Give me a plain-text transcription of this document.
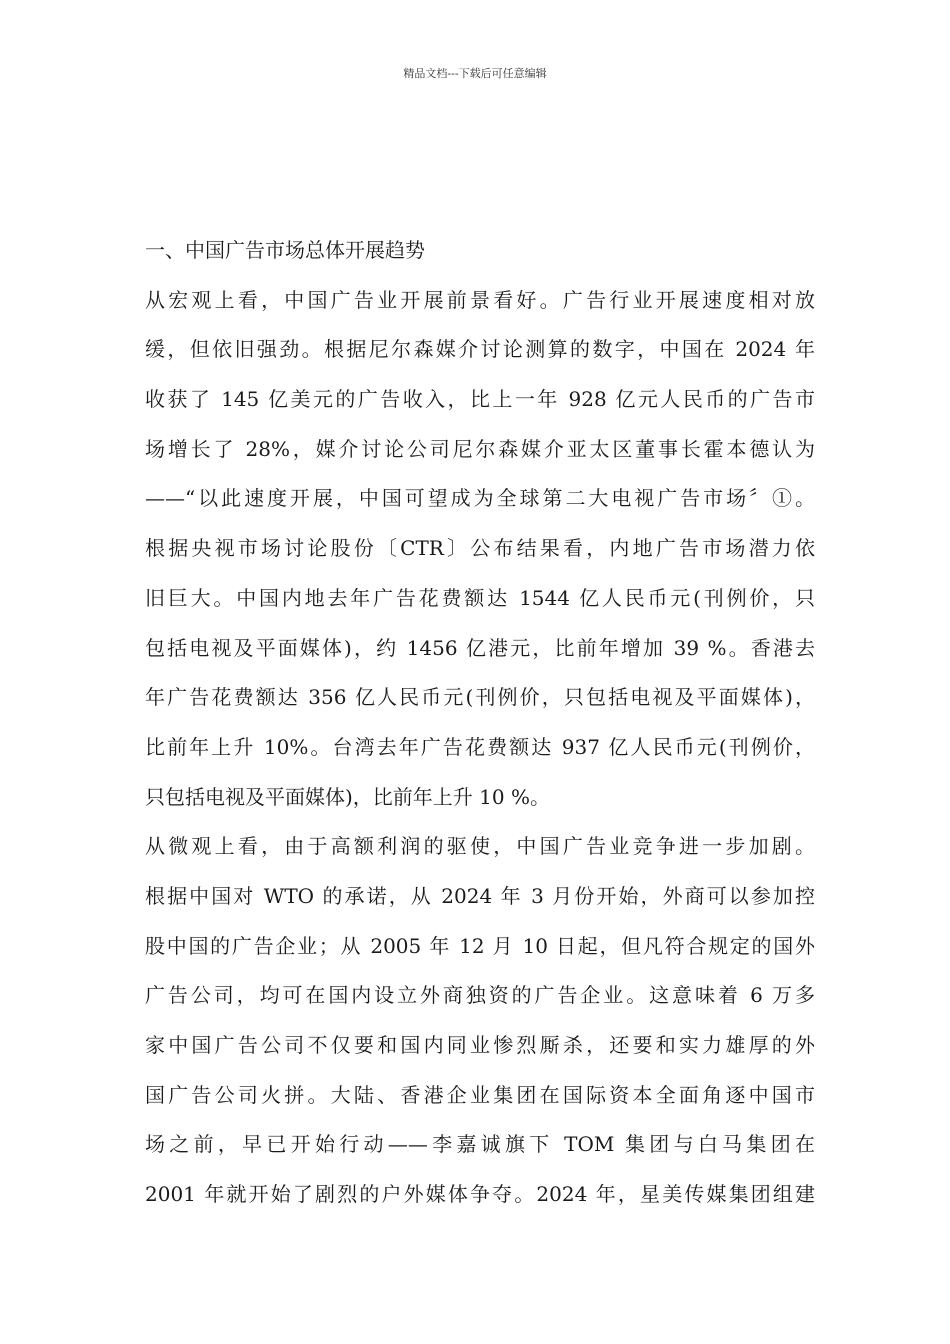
精品文档---下载后可任意编辑
一、中国广告市场总体开展趋势
从宏观上看，中国广告业开展前景看好。广告行业开展速度相对放
缓，但依旧强劲。根据尼尔森媒介讨论测算的数字，中国在 2024 年
收获了 145 亿美元的广告收入，比上一年 928 亿元人民币的广告市
场增长了 28%，媒介讨论公司尼尔森媒介亚太区董事长霍本德认为
——“以此速度开展，中国可望成为全球第二大电视广告市场〞①。
根据央视市场讨论股份〔CTR〕公布结果看，内地广告市场潜力依
旧巨大。中国内地去年广告花费额达 1544 亿人民币元(刊例价，只
包括电视及平面媒体)，约 1456 亿港元，比前年增加 39 %。香港去
年广告花费额达 356 亿人民币元(刊例价，只包括电视及平面媒体)，
比前年上升 10%。台湾去年广告花费额达 937 亿人民币元(刊例价，
只包括电视及平面媒体)，比前年上升 10 %。
从微观上看，由于高额利润的驱使，中国广告业竞争进一步加剧。
根据中国对 WTO 的承诺，从 2024 年 3 月份开始，外商可以参加控
股中国的广告企业；从 2005 年 12 月 10 日起，但凡符合规定的国外
广告公司，均可在国内设立外商独资的广告企业。这意味着 6 万多
家中国广告公司不仅要和国内同业惨烈厮杀，还要和实力雄厚的外
国广告公司火拼。大陆、香港企业集团在国际资本全面角逐中国市
场之前，早已开始行动——李嘉诚旗下 TOM 集团与白马集团在
2001 年就开始了剧烈的户外媒体争夺。2024 年，星美传媒集团组建
